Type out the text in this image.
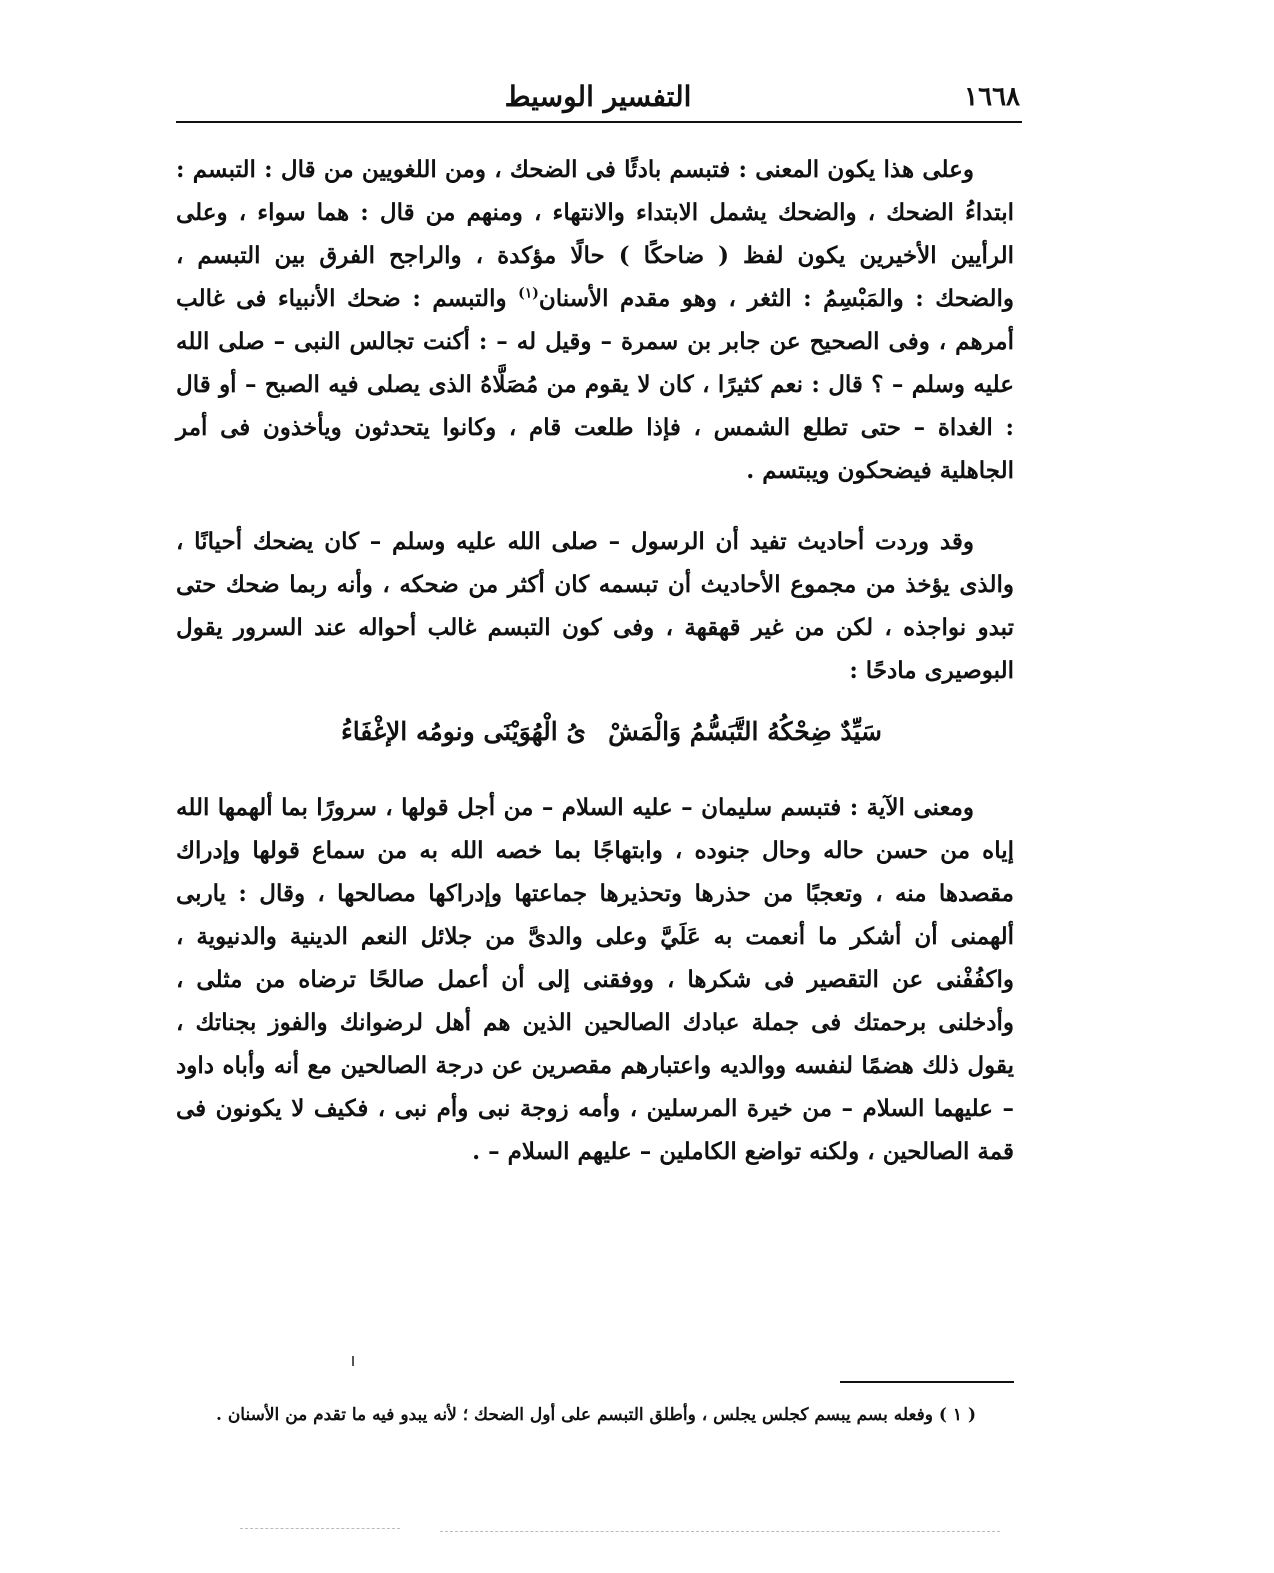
١٦٦٨
التفسير الوسيط

وعلى هذا يكون المعنى : فتبسم بادئًا فى الضحك ، ومن اللغويين من قال : التبسم : ابتداءُ الضحك ، والضحك يشمل الابتداء والانتهاء ، ومنهم من قال : هما سواء ، وعلى الرأيين الأخيرين يكون لفظ ( ضاحكًا ) حالًا مؤكدة ، والراجح الفرق بين التبسم ، والضحك : والمَبْسِمُ : الثغر ، وهو مقدم الأسنان$^{(١)}$ والتبسم : ضحك الأنبياء فى غالب أمرهم ، وفى الصحيح عن جابر بن سمرة – وقيل له – : أكنت تجالس النبى – صلى الله عليه وسلم – ؟ قال : نعم كثيرًا ، كان لا يقوم من مُصَلَّاهُ الذى يصلى فيه الصبح – أو قال : الغداة – حتى تطلع الشمس ، فإذا طلعت قام ، وكانوا يتحدثون ويأخذون فى أمر الجاهلية فيضحكون ويبتسم .

وقد وردت أحاديث تفيد أن الرسول – صلى الله عليه وسلم – كان يضحك أحيانًا ، والذى يؤخذ من مجموع الأحاديث أن تبسمه كان أكثر من ضحكه ، وأنه ربما ضحك حتى تبدو نواجذه ، لكن من غير قهقهة ، وفى كون التبسم غالب أحواله عند السرور يقول البوصيرى مادحًا :

سَيِّدٌ ضِحْكُهُ التَّبَسُّمُ وَالْمَشْ
ىُ الْهُوَيْنَى ونومُه الإغْفَاءُ

ومعنى الآية : فتبسم سليمان – عليه السلام – من أجل قولها ، سرورًا بما ألهمها الله إياه من حسن حاله وحال جنوده ، وابتهاجًا بما خصه الله به من سماع قولها وإدراك مقصدها منه ، وتعجبًا من حذرها وتحذيرها جماعتها وإدراكها مصالحها ، وقال : ياربى ألهمنى أن أشكر ما أنعمت به عَلَيَّ وعلى والدىَّ من جلائل النعم الدينية والدنيوية ، واكفُفْنى عن التقصير فى شكرها ، ووفقنى إلى أن أعمل صالحًا ترضاه من مثلى ، وأدخلنى برحمتك فى جملة عبادك الصالحين الذين هم أهل لرضوانك والفوز بجناتك ، يقول ذلك هضمًا لنفسه ووالديه واعتبارهم مقصرين عن درجة الصالحين مع أنه وأباه داود – عليهما السلام – من خيرة المرسلين ، وأمه زوجة نبى وأم نبى ، فكيف لا يكونون فى قمة الصالحين ، ولكنه تواضع الكاملين – عليهم السلام – .

( ١ ) وفعله بسم يبسم كجلس يجلس ، وأطلق التبسم على أول الضحك ؛ لأنه يبدو فيه ما تقدم من الأسنان .
